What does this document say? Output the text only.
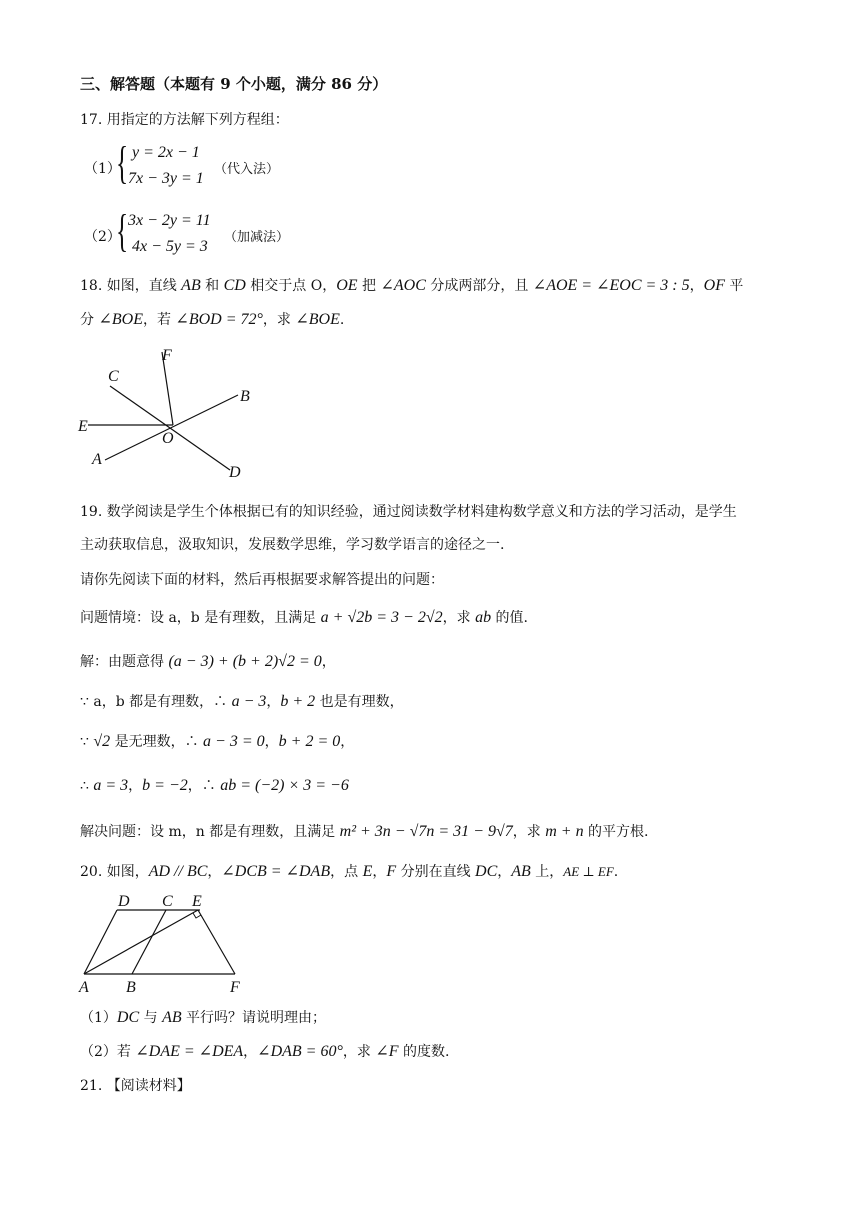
三、解答题（本题有 9 个小题，满分 86 分）
17. 用指定的方法解下列方程组：
（1）
{ y = 2x − 1
7x − 3y = 1
（代入法）
（2）
{ 3x − 2y = 11
4x − 5y = 3
（加减法）
18. 如图，直线 AB 和 CD 相交于点 O，OE 把 ∠AOC 分成两部分，且 ∠AOE = ∠EOC = 3 : 5，OF 平
分 ∠BOE，若 ∠BOD = 72°，求 ∠BOE.
F
C
B
E
O
A
D
19. 数学阅读是学生个体根据已有的知识经验，通过阅读数学材料建构数学意义和方法的学习活动，是学生
主动获取信息，汲取知识，发展数学思维，学习数学语言的途径之一.
请你先阅读下面的材料，然后再根据要求解答提出的问题：
问题情境：设 a，b 是有理数，且满足 a + √2b = 3 − 2√2，求 ab 的值.
解：由题意得 (a − 3) + (b + 2)√2 = 0，
∵ a，b 都是有理数，∴ a − 3，b + 2 也是有理数，
∵ √2 是无理数，∴ a − 3 = 0，b + 2 = 0，
∴ a = 3，b = −2，∴ ab = (−2) × 3 = −6
解决问题：设 m，n 都是有理数，且满足 m² + 3n − √7n = 31 − 9√7，求 m + n 的平方根.
20. 如图，AD // BC，∠DCB = ∠DAB，点 E，F 分别在直线 DC，AB 上，AE ⊥ EF.
D C E
A B	F
（1）DC 与 AB 平行吗？请说明理由；
（2）若 ∠DAE = ∠DEA，∠DAB = 60°，求 ∠F 的度数.
21. 【阅读材料】
